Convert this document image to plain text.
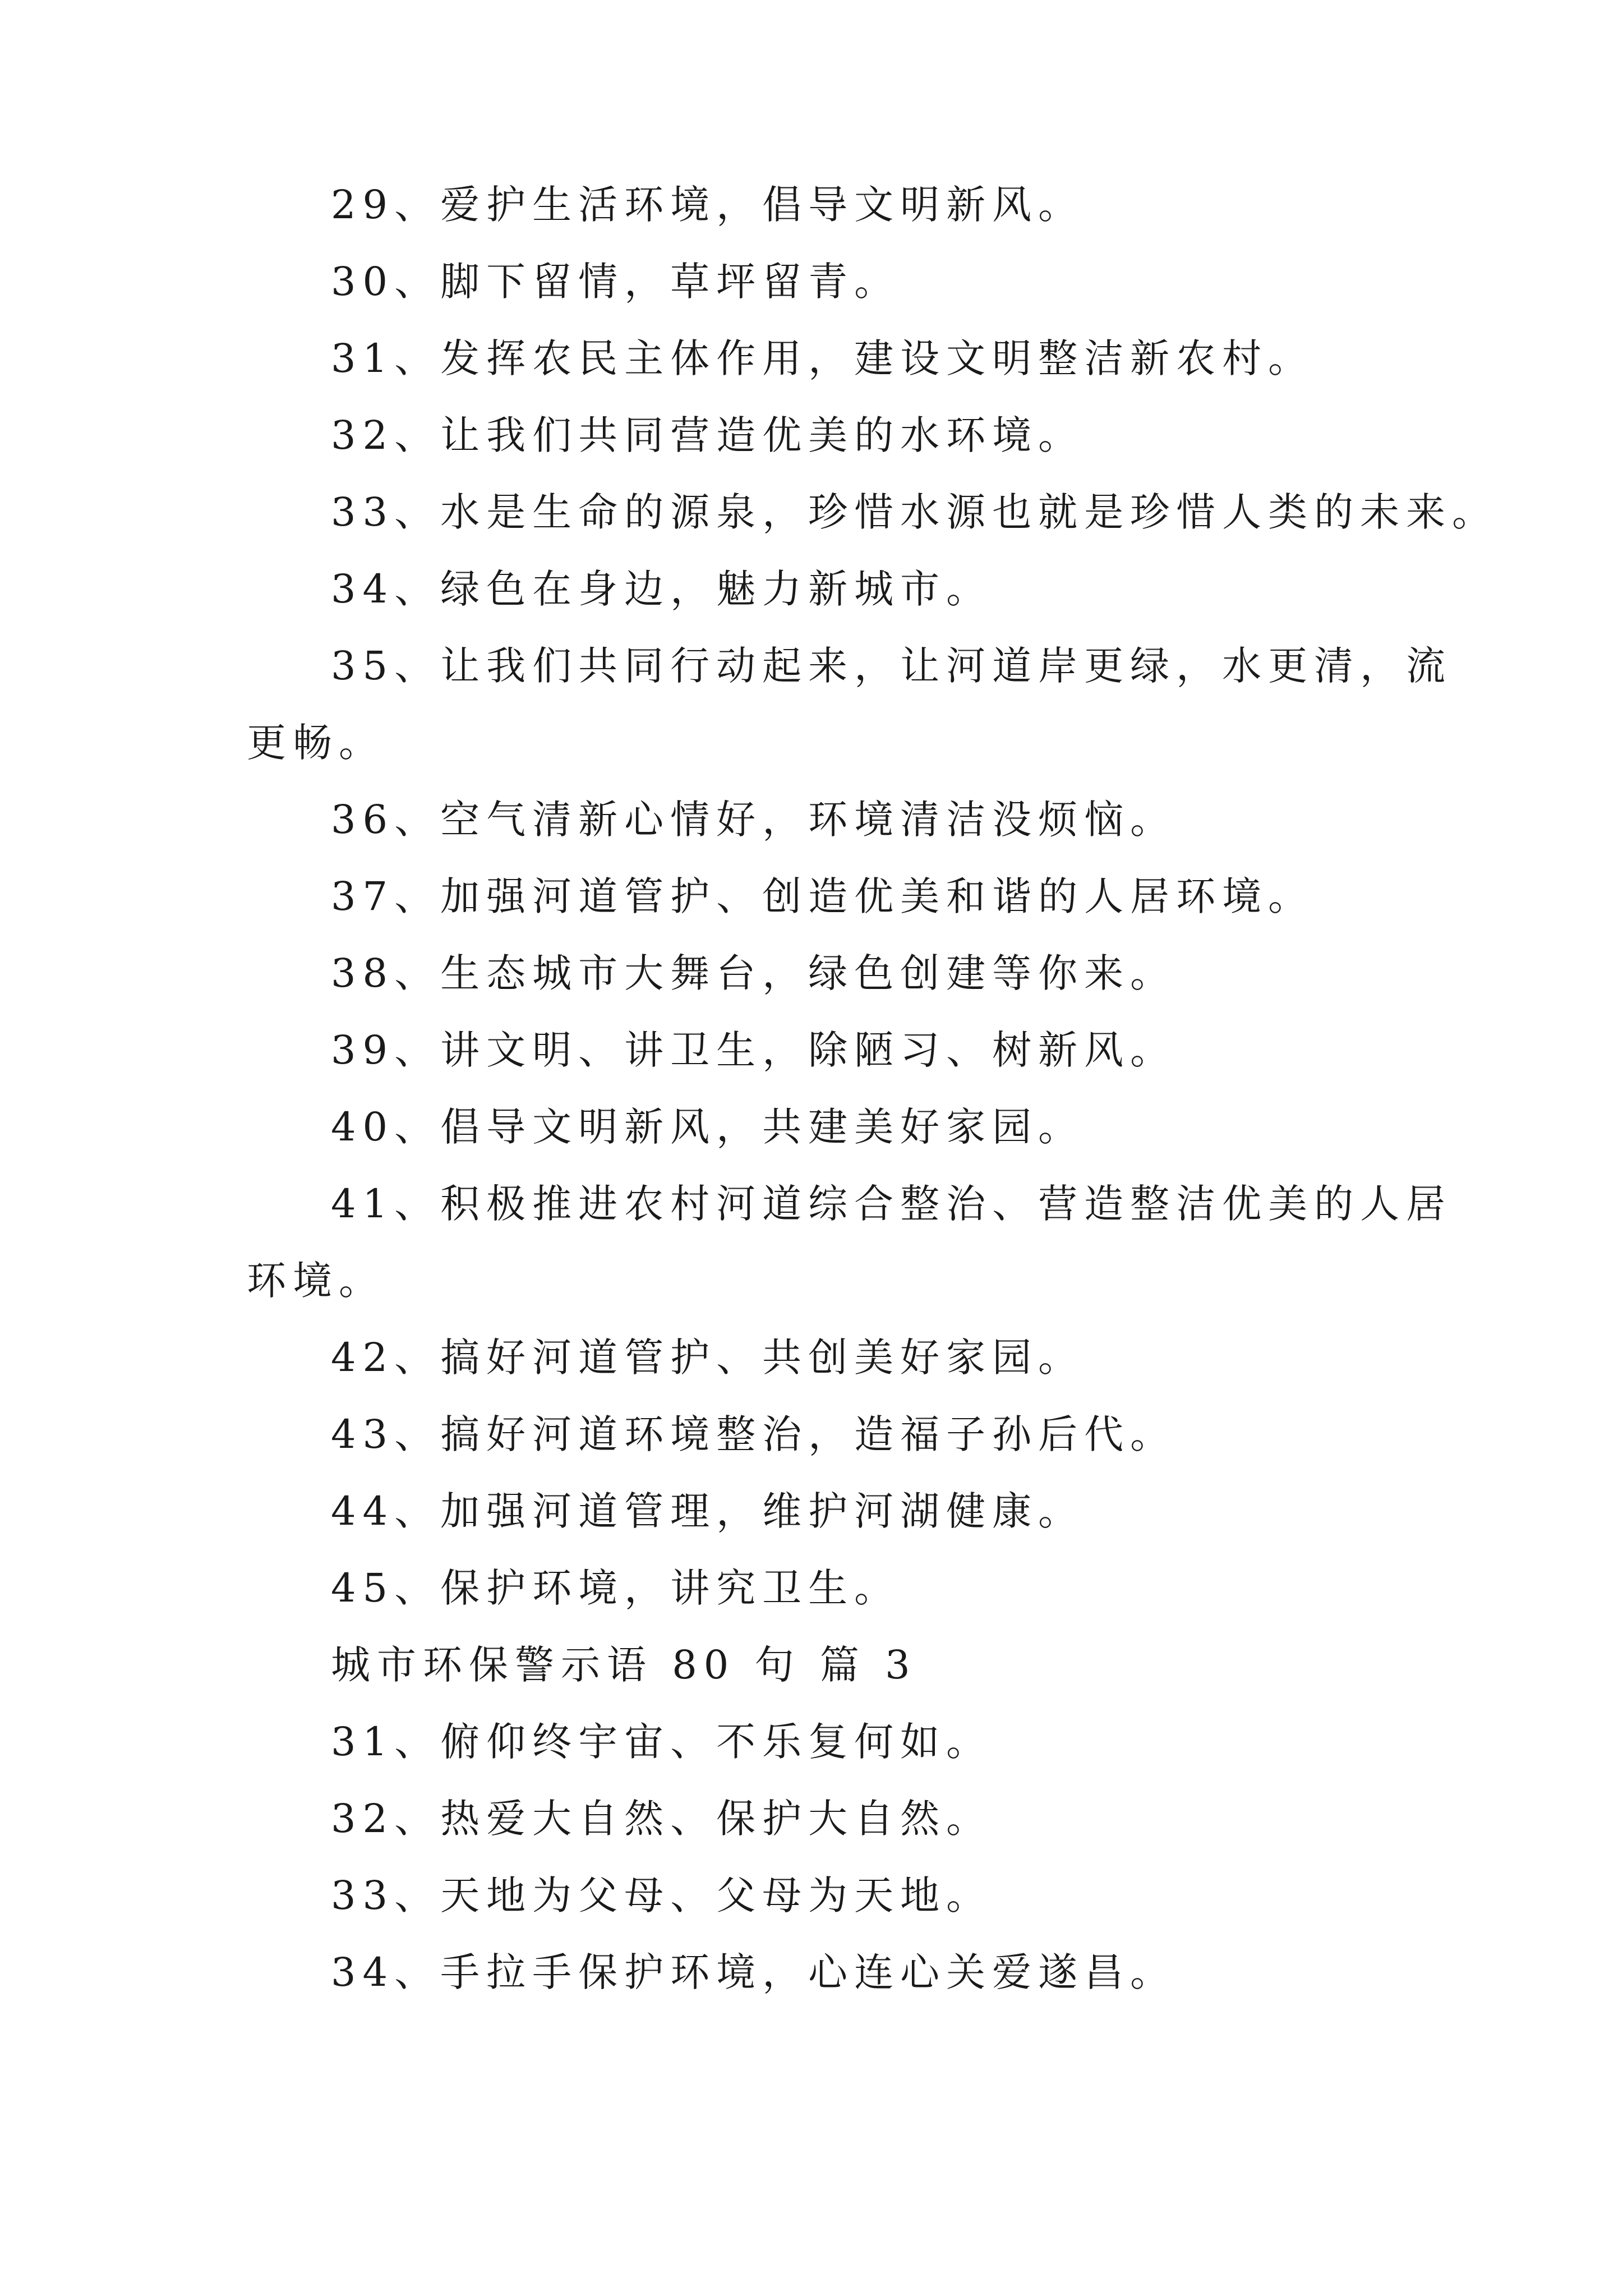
29、爱护生活环境，倡导文明新风。
30、脚下留情，草坪留青。
31、发挥农民主体作用，建设文明整洁新农村。
32、让我们共同营造优美的水环境。
33、水是生命的源泉，珍惜水源也就是珍惜人类的未来。
34、绿色在身边，魅力新城市。
35、让我们共同行动起来，让河道岸更绿，水更清，流
更畅。
36、空气清新心情好，环境清洁没烦恼。
37、加强河道管护、创造优美和谐的人居环境。
38、生态城市大舞台，绿色创建等你来。
39、讲文明、讲卫生，除陋习、树新风。
40、倡导文明新风，共建美好家园。
41、积极推进农村河道综合整治、营造整洁优美的人居
环境。
42、搞好河道管护、共创美好家园。
43、搞好河道环境整治，造福子孙后代。
44、加强河道管理，维护河湖健康。
45、保护环境，讲究卫生。
城市环保警示语 80 句 篇 3
31、俯仰终宇宙、不乐复何如。
32、热爱大自然、保护大自然。
33、天地为父母、父母为天地。
34、手拉手保护环境，心连心关爱遂昌。
